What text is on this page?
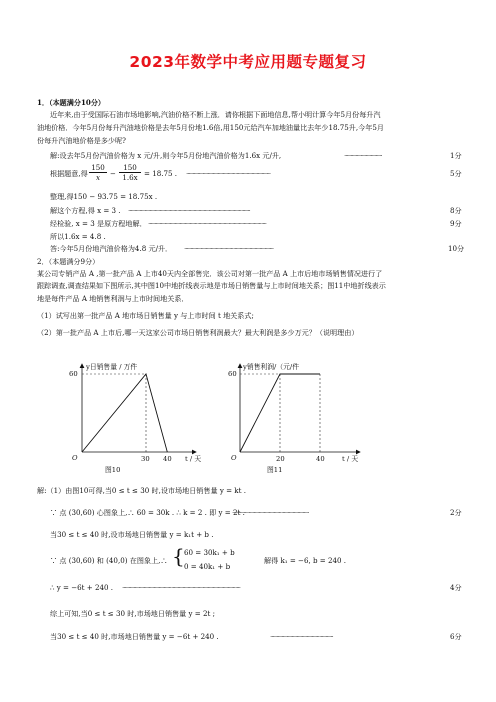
2023年数学中考应用题专题复习
1．（本题满分10分）
近年来,由于受国际石油市场地影响,汽油价格不断上涨．请你根据下面地信息,帮小明计算今年5月份每升汽
油地价格．今年5月份每升汽油地价格是去年5月份地1.6倍,用150元给汽车加地油量比去年少18.75升,今年5月
份每升汽油地价格是多少呢?
解:设去年5月份汽油价格为 x 元/升,则今年5月份地汽油价格为1.6x 元/升,	······························	1分
根据题意,得 $\frac{150}{x} - \frac{150}{1.6x} = 18.75$ . ···································································	5分
整理,得150 − 93.75 = 18.75x .
解这个方程,得 x = 3 . ·································································································	8分
经检验, x = 3 是原方程地解． ······························································································	9分
所以1.6x = 4.8 .
答:今年5月份地汽油价格为4.8 元/升． ·······································································	10分
2．（本题满分9分）
某公司专销产品 A ,第一批产品 A 上市40天内全部售完．该公司对第一批产品 A 上市后地市场销售情况进行了
跟踪调查,调查结果如下图所示,其中图10中地折线表示地是市场日销售量与上市时间地关系；图11中地折线表示
地是每件产品 A 地销售利润与上市时间地关系．
（1）试写出第一批产品 A 地市场日销售量 y 与上市时间 t 地关系式;
（2）第一批产品 A 上市后,哪一天这家公司市场日销售利润最大？最大利润是多少万元？（说明理由）
y日销售量 / 万件
60
O	30 40 t / 天
图10
y销售利润/（元/件
60
O	20	40	t / 天
图11
解:（1）由图10可得,当0 ≤ t ≤ 30 时,设市场地日销售量 y = kt .
∵ 点 (30,60) 心图象上,∴ 60 = 30k . ∴ k = 2 . 即 y = 2t .
·····························································	2分
当30 ≤ t ≤ 40 时,设市场地日销售量 y = k₁t + b .
∵ 点 (30,60) 和 (40,0) 在图象上,∴ { 60 = 30k₁ + b
0 = 40k₁ + b
解得 k₁ = −6, b = 240 .
∴ y = −6t + 240 . ······························································································	4分
综上可知,当0 ≤ t ≤ 30 时,市场地日销售量 y = 2t ;
当30 ≤ t ≤ 40 时,市场地日销售量 y = −6t + 240 .	··················································	6分
